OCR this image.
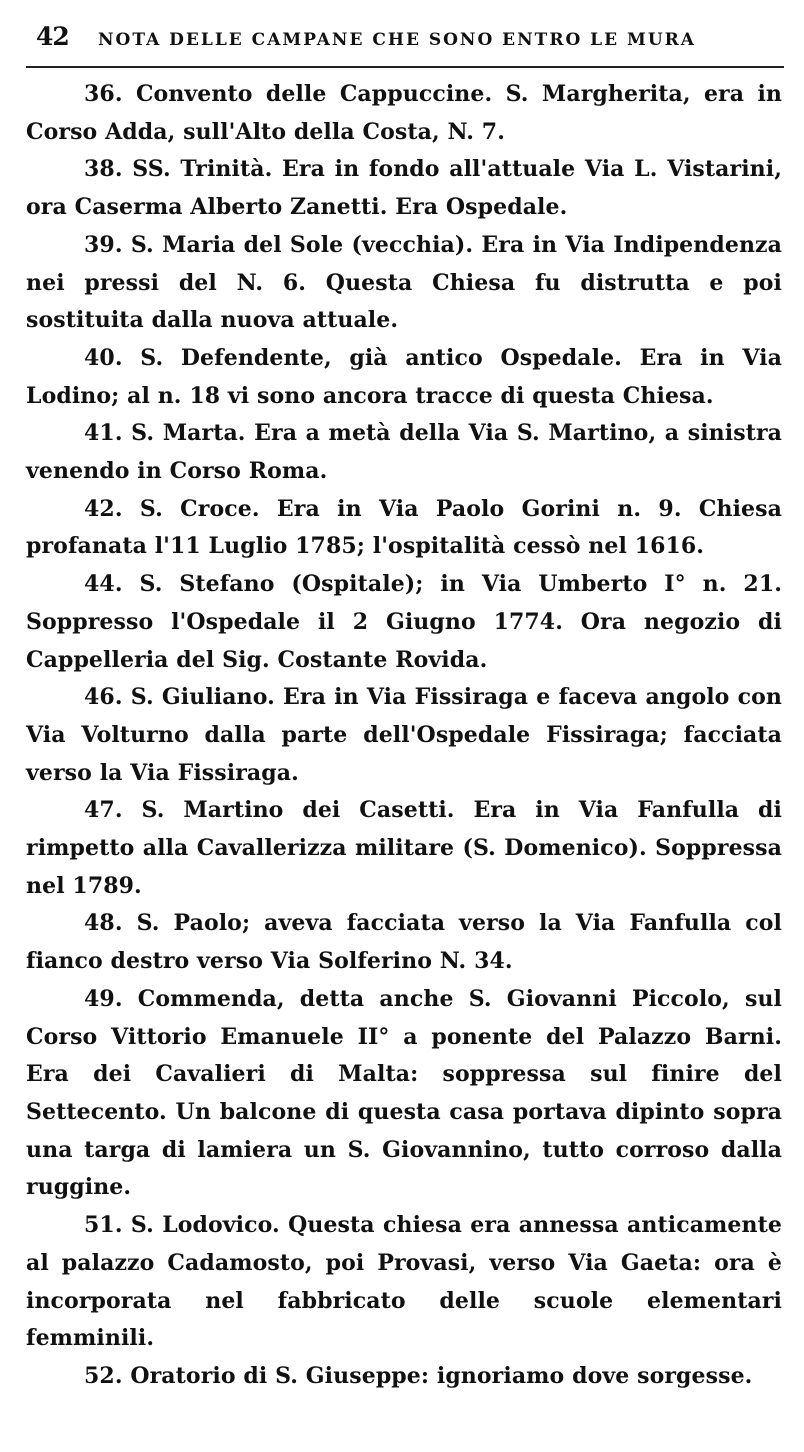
42	NOTA DELLE CAMPANE CHE SONO ENTRO LE MURA

36. Convento delle Cappuccine. S. Margherita, era in Corso Adda, sull'Alto della Costa, N. 7.

38. SS. Trinità. Era in fondo all'attuale Via L. Vistarini, ora Caserma Alberto Zanetti. Era Ospedale.

39. S. Maria del Sole (vecchia). Era in Via Indipendenza nei pressi del N. 6. Questa Chiesa fu distrutta e poi sostituita dalla nuova attuale.

40. S. Defendente, già antico Ospedale. Era in Via Lodino; al n. 18 vi sono ancora tracce di questa Chiesa.

41. S. Marta. Era a metà della Via S. Martino, a sinistra venendo in Corso Roma.

42. S. Croce. Era in Via Paolo Gorini n. 9. Chiesa profanata l'11 Luglio 1785; l'ospitalità cessò nel 1616.

44. S. Stefano (Ospitale); in Via Umberto I° n. 21. Soppresso l'Ospedale il 2 Giugno 1774. Ora negozio di Cappelleria del Sig. Costante Rovida.

46. S. Giuliano. Era in Via Fissiraga e faceva angolo con Via Volturno dalla parte dell'Ospedale Fissiraga; facciata verso la Via Fissiraga.

47. S. Martino dei Casetti. Era in Via Fanfulla di rimpetto alla Cavallerizza militare (S. Domenico). Soppressa nel 1789.

48. S. Paolo; aveva facciata verso la Via Fanfulla col fianco destro verso Via Solferino N. 34.

49. Commenda, detta anche S. Giovanni Piccolo, sul Corso Vittorio Emanuele II° a ponente del Palazzo Barni. Era dei Cavalieri di Malta: soppressa sul finire del Settecento. Un balcone di questa casa portava dipinto sopra una targa di lamiera un S. Giovannino, tutto corroso dalla ruggine.

51. S. Lodovico. Questa chiesa era annessa anticamente al palazzo Cadamosto, poi Provasi, verso Via Gaeta: ora è incorporata nel fabbricato delle scuole elementari femminili.

52. Oratorio di S. Giuseppe: ignoriamo dove sorgesse.
